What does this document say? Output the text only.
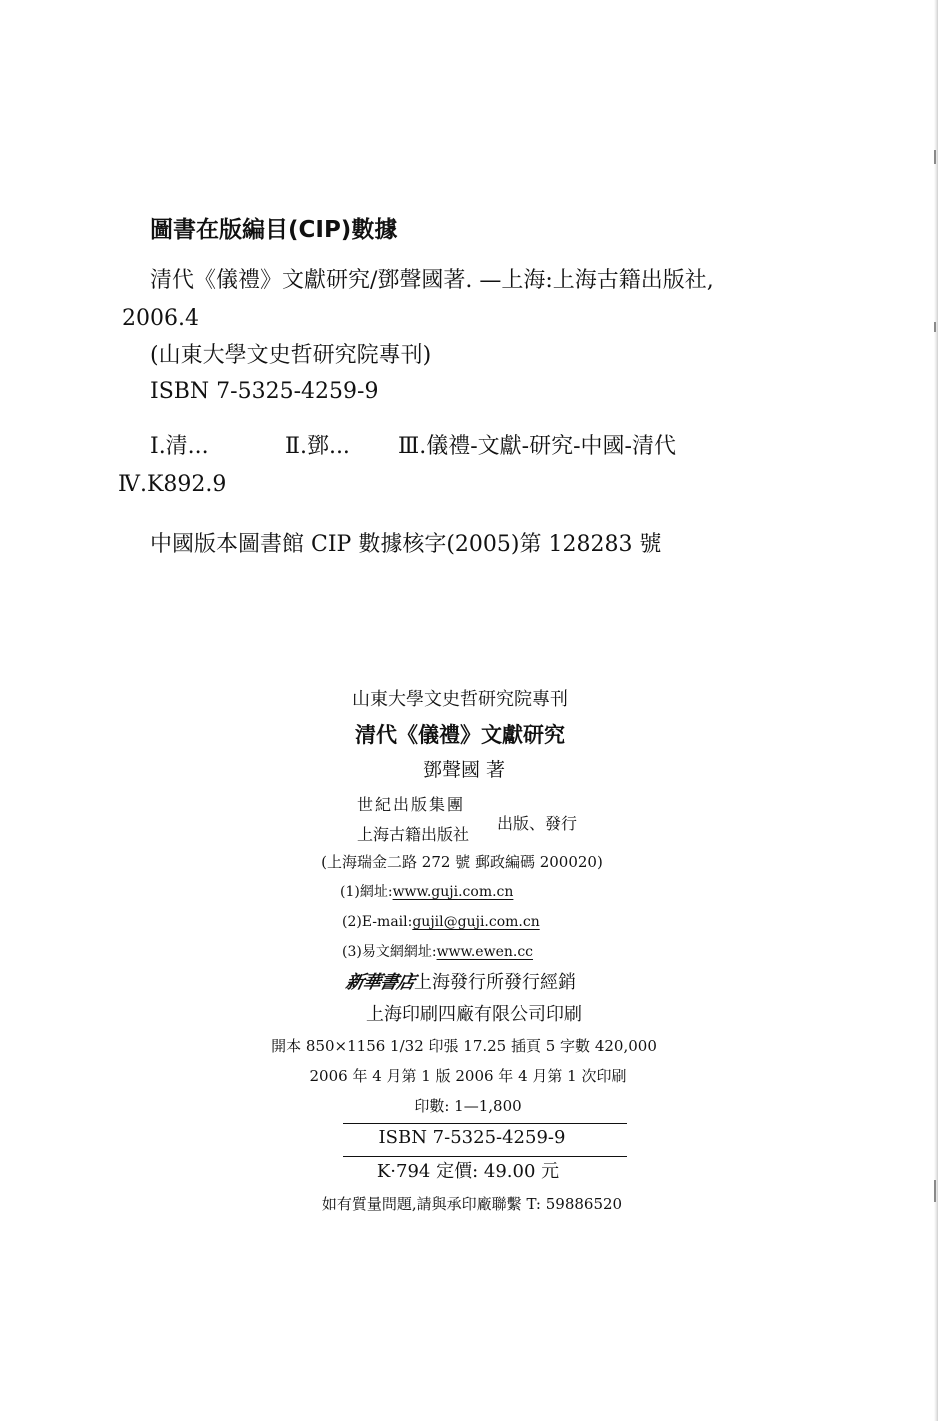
圖書在版編目(CIP)數據
清代《儀禮》文獻研究/鄧聲國著. —上海:上海古籍出版社,
2006.4
(山東大學文史哲研究院專刊)
ISBN 7-5325-4259-9
Ⅰ.清...	Ⅱ.鄧... Ⅲ.儀禮-文獻-研究-中國-清代
Ⅳ.K892.9
中國版本圖書館 CIP 數據核字(2005)第 128283 號
山東大學文史哲研究院專刊
清代《儀禮》文獻研究
鄧聲國 著
世紀出版集團
上海古籍出版社
出版、發行
(上海瑞金二路 272 號 郵政編碼 200020)
(1)網址:www.guji.com.cn
(2)E-mail:gujil@guji.com.cn
(3)易文網網址:www.ewen.cc
新華書店上海發行所發行經銷
上海印刷四廠有限公司印刷
開本 850×1156 1/32 印張 17.25 插頁 5 字數 420,000
2006 年 4 月第 1 版 2006 年 4 月第 1 次印刷
印數: 1—1,800
ISBN 7-5325-4259-9
K·794 定價: 49.00 元
如有質量問題,請與承印廠聯繫 T: 59886520
